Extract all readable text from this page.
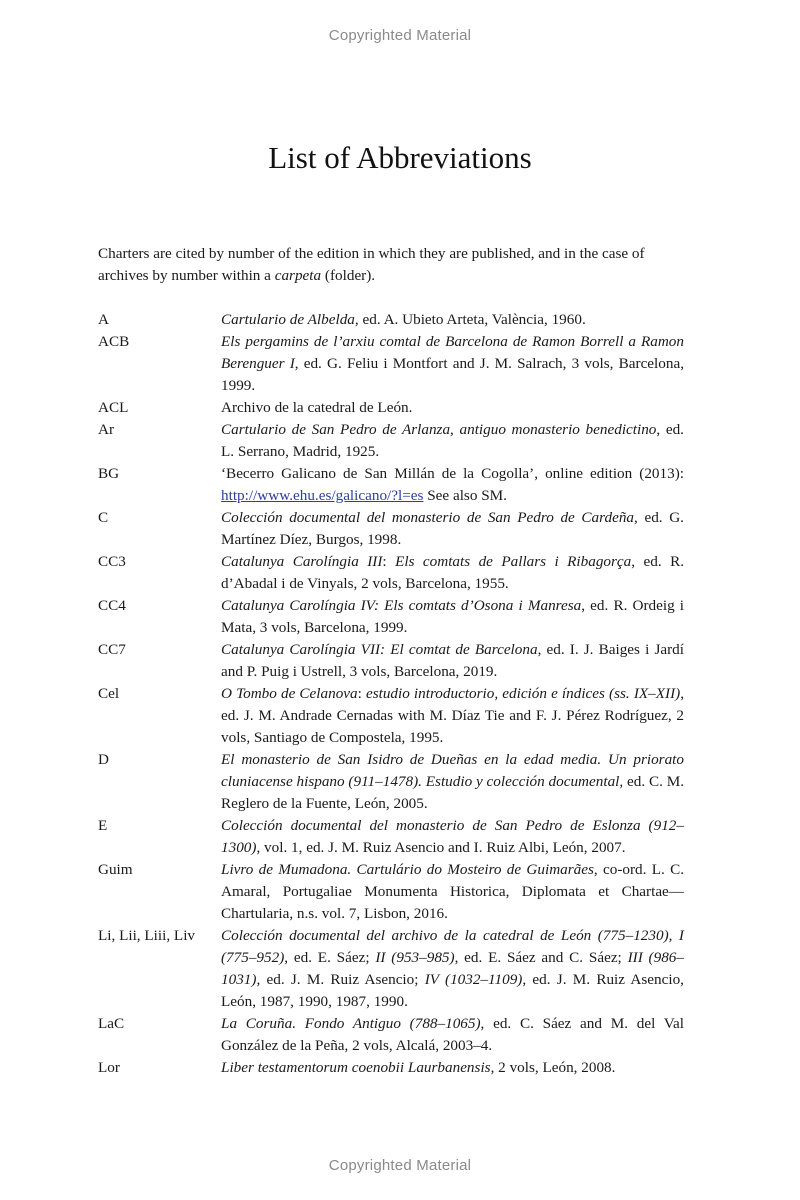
Copyrighted Material
List of Abbreviations

Charters are cited by number of the edition in which they are published, and in the case of archives by number within a carpeta (folder).

A	Cartulario de Albelda, ed. A. Ubieto Arteta, València, 1960.
ACB	Els pergamins de l’arxiu comtal de Barcelona de Ramon Borrell a Ramon Berenguer I, ed. G. Feliu i Montfort and J. M. Salrach, 3 vols, Barcelona, 1999.
ACL	Archivo de la catedral de León.
Ar	Cartulario de San Pedro de Arlanza, antiguo monasterio benedictino, ed. L. Serrano, Madrid, 1925.
BG	‘Becerro Galicano de San Millán de la Cogolla’, online edition (2013): http://www.ehu.es/galicano/?l=es See also SM.
C	Colección documental del monasterio de San Pedro de Cardeña, ed. G. Martínez Díez, Burgos, 1998.
CC3	Catalunya Carolíngia III: Els comtats de Pallars i Ribagorça, ed. R. d’Abadal i de Vinyals, 2 vols, Barcelona, 1955.
CC4	Catalunya Carolíngia IV: Els comtats d’Osona i Manresa, ed. R. Ordeig i Mata, 3 vols, Barcelona, 1999.
CC7	Catalunya Carolíngia VII: El comtat de Barcelona, ed. I. J. Baiges i Jardí and P. Puig i Ustrell, 3 vols, Barcelona, 2019.
Cel	O Tombo de Celanova: estudio introductorio, edición e índices (ss. IX–XII), ed. J. M. Andrade Cernadas with M. Díaz Tie and F. J. Pérez Rodríguez, 2 vols, Santiago de Compostela, 1995.
D	El monasterio de San Isidro de Dueñas en la edad media. Un priorato cluniacense hispano (911–1478). Estudio y colección documental, ed. C. M. Reglero de la Fuente, León, 2005.
E	Colección documental del monasterio de San Pedro de Eslonza (912–1300), vol. 1, ed. J. M. Ruiz Asencio and I. Ruiz Albi, León, 2007.
Guim	Livro de Mumadona. Cartulário do Mosteiro de Guimarães, co-ord. L. C. Amaral, Portugaliae Monumenta Historica, Diplomata et Chartae—Chartularia, n.s. vol. 7, Lisbon, 2016.
Li, Lii, Liii, Liv	Colección documental del archivo de la catedral de León (775–1230), I (775–952), ed. E. Sáez; II (953–985), ed. E. Sáez and C. Sáez; III (986–1031), ed. J. M. Ruiz Asencio; IV (1032–1109), ed. J. M. Ruiz Asencio, León, 1987, 1990, 1987, 1990.
LaC	La Coruña. Fondo Antiguo (788–1065), ed. C. Sáez and M. del Val González de la Peña, 2 vols, Alcalá, 2003–4.
Lor	Liber testamentorum coenobii Laurbanensis, 2 vols, León, 2008.
Copyrighted Material
